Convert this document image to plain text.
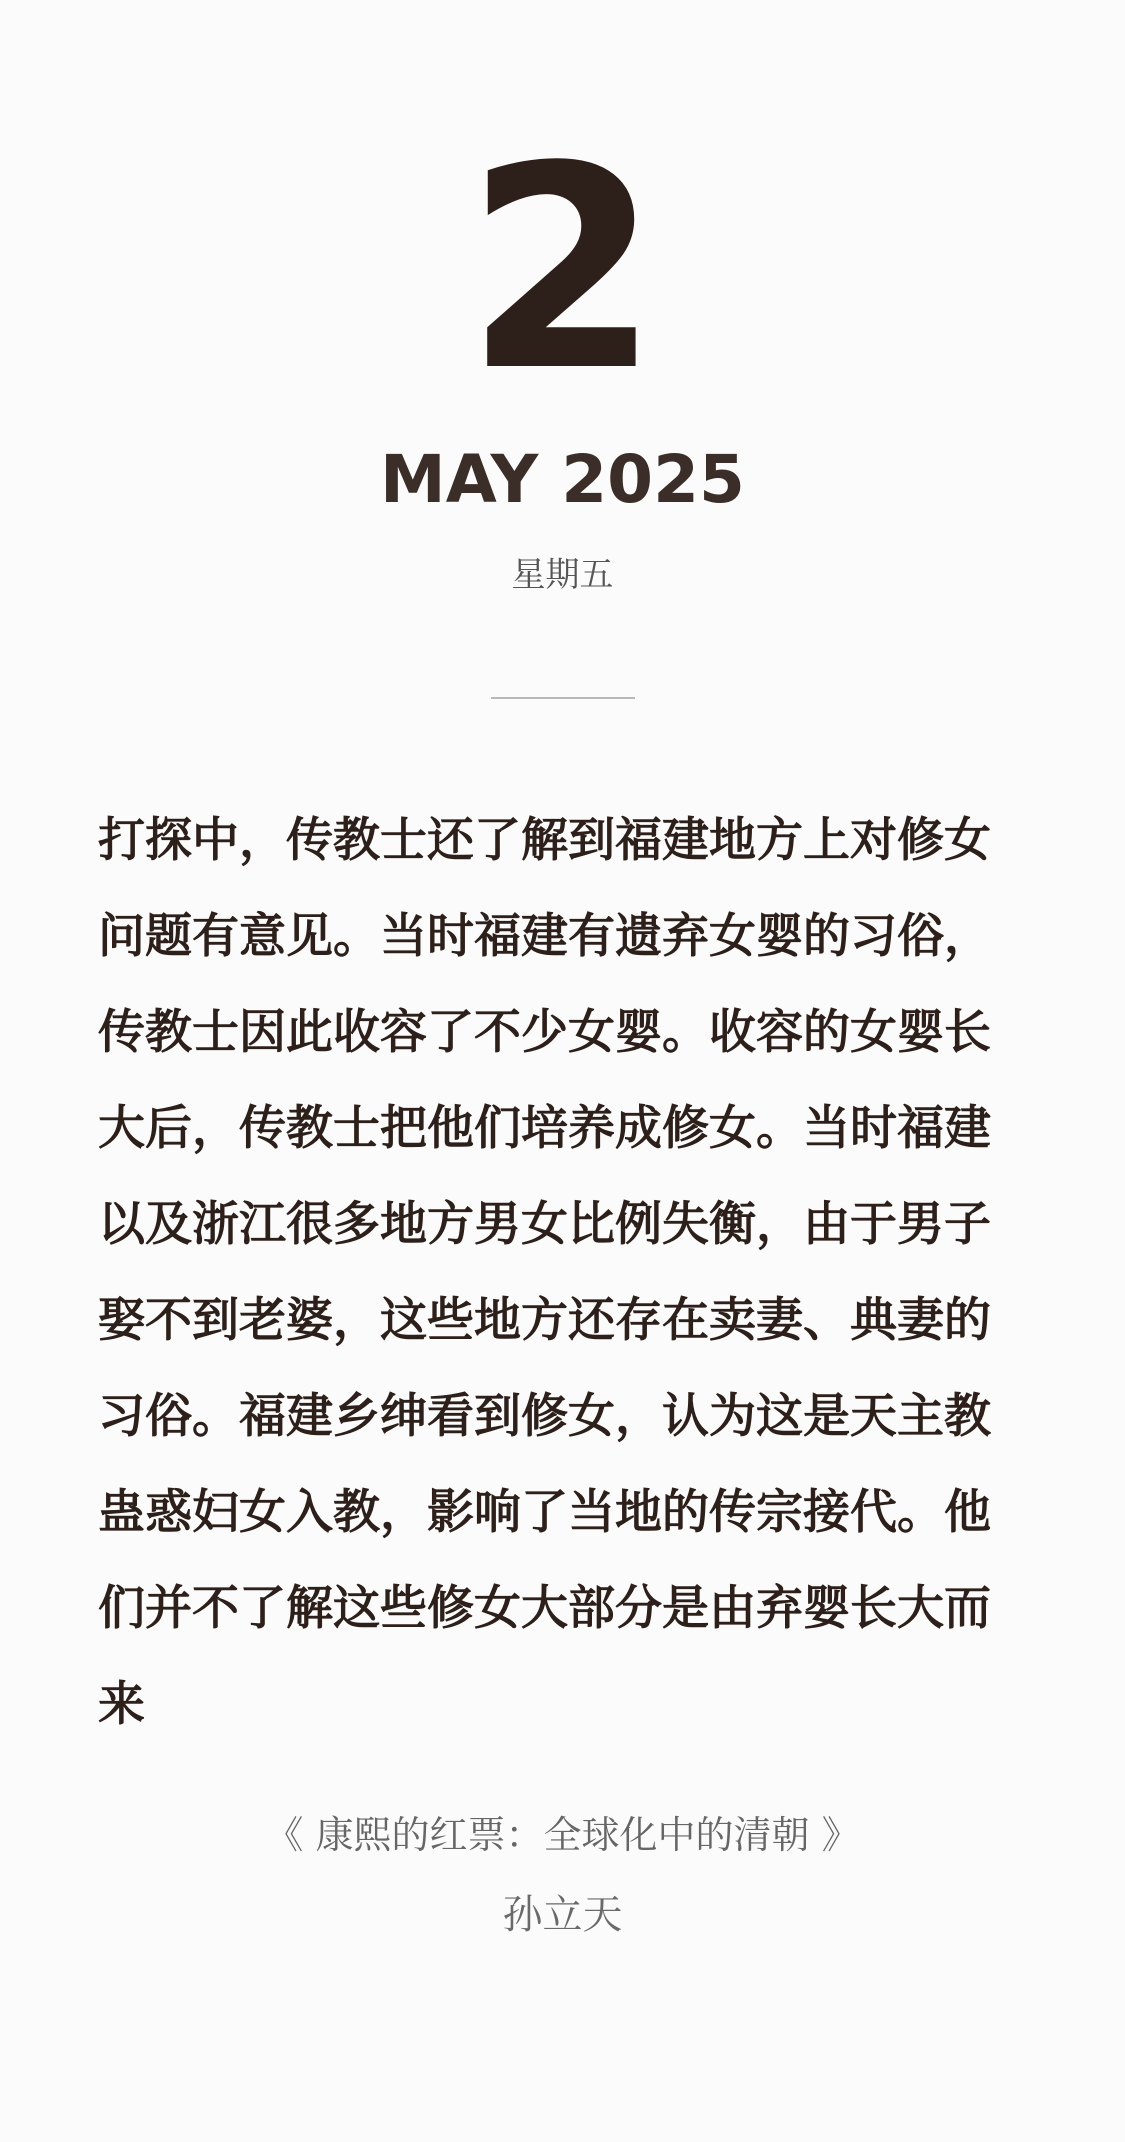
2
MAY 2025
星期五

打探中，传教士还了解到福建地方上对修女问题有意见。当时福建有遗弃女婴的习俗，传教士因此收容了不少女婴。收容的女婴长大后，传教士把他们培养成修女。当时福建以及浙江很多地方男女比例失衡，由于男子娶不到老婆，这些地方还存在卖妻、典妻的习俗。福建乡绅看到修女，认为这是天主教蛊惑妇女入教，影响了当地的传宗接代。他们并不了解这些修女大部分是由弃婴长大而来

《 康熙的红票：全球化中的清朝 》
孙立天
